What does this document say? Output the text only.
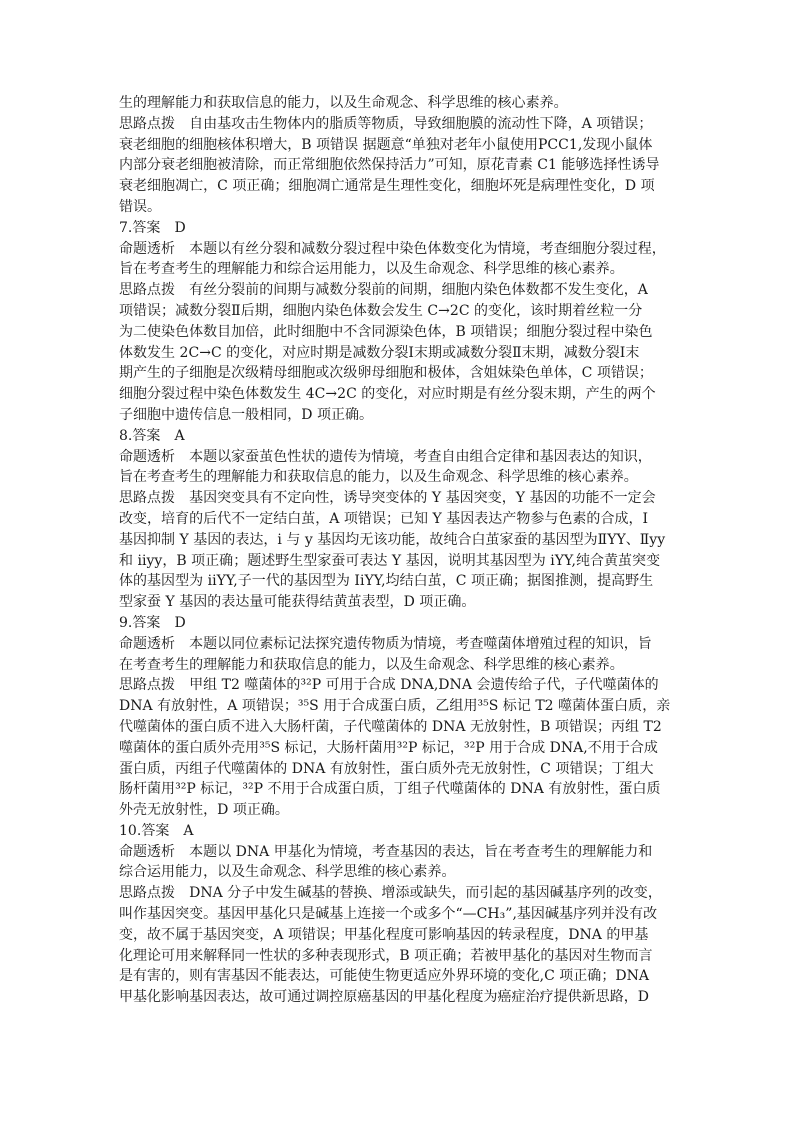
生的理解能力和获取信息的能力，以及生命观念、科学思维的核心素养。
思路点拨　自由基攻击生物体内的脂质等物质，导致细胞膜的流动性下降，A 项错误；
衰老细胞的细胞核体积增大，B 项错误 据题意“单独对老年小鼠使用PCC1,发现小鼠体
内部分衰老细胞被清除，而正常细胞依然保持活力”可知，原花青素 C1 能够选择性诱导
衰老细胞凋亡，C 项正确；细胞凋亡通常是生理性变化，细胞坏死是病理性变化，D 项
错误。
7.答案　D
命题透析　本题以有丝分裂和减数分裂过程中染色体数变化为情境，考查细胞分裂过程，
旨在考查考生的理解能力和综合运用能力，以及生命观念、科学思维的核心素养。
思路点拨　有丝分裂前的间期与减数分裂前的间期，细胞内染色体数都不发生变化，A
项错误；减数分裂Ⅱ后期，细胞内染色体数会发生 C→2C 的变化，该时期着丝粒一分
为二使染色体数目加倍，此时细胞中不含同源染色体，B 项错误；细胞分裂过程中染色
体数发生 2C→C 的变化，对应时期是减数分裂Ⅰ末期或减数分裂Ⅱ末期，减数分裂Ⅰ末
期产生的子细胞是次级精母细胞或次级卵母细胞和极体，含姐妹染色单体，C 项错误；
细胞分裂过程中染色体数发生 4C→2C 的变化，对应时期是有丝分裂末期，产生的两个
子细胞中遗传信息一般相同，D 项正确。
8.答案　A
命题透析　本题以家蚕茧色性状的遗传为情境，考查自由组合定律和基因表达的知识，
旨在考查考生的理解能力和获取信息的能力，以及生命观念、科学思维的核心素养。
思路点拨　基因突变具有不定向性，诱导突变体的 Y 基因突变，Y 基因的功能不一定会
改变，培育的后代不一定结白茧，A 项错误；已知 Y 基因表达产物参与色素的合成，I
基因抑制 Y 基因的表达，i 与 y 基因均无该功能，故纯合白茧家蚕的基因型为ⅡYY、Ⅱyy
和 iiyy，B 项正确；题述野生型家蚕可表达 Y 基因，说明其基因型为 iYY,纯合黄茧突变
体的基因型为 iiYY,子一代的基因型为 IiYY,均结白茧，C 项正确；据图推测，提高野生
型家蚕 Y 基因的表达量可能获得结黄茧表型，D 项正确。
9.答案　D
命题透析　本题以同位素标记法探究遗传物质为情境，考查噬菌体增殖过程的知识，旨
在考查考生的理解能力和获取信息的能力，以及生命观念、科学思维的核心素养。
思路点拨　甲组 T2 噬菌体的³²P 可用于合成 DNA,DNA 会遗传给子代，子代噬菌体的
DNA 有放射性，A 项错误；³⁵S 用于合成蛋白质，乙组用³⁵S 标记 T2 噬菌体蛋白质，亲
代噬菌体的蛋白质不进入大肠杆菌，子代噬菌体的 DNA 无放射性，B 项错误；丙组 T2
噬菌体的蛋白质外壳用³⁵S 标记，大肠杆菌用³²P 标记，³²P 用于合成 DNA,不用于合成
蛋白质，丙组子代噬菌体的 DNA 有放射性，蛋白质外壳无放射性，C 项错误；丁组大
肠杆菌用³²P 标记，³²P 不用于合成蛋白质，丁组子代噬菌体的 DNA 有放射性，蛋白质
外壳无放射性，D 项正确。
10.答案　A
命题透析　本题以 DNA 甲基化为情境，考查基因的表达，旨在考查考生的理解能力和
综合运用能力，以及生命观念、科学思维的核心素养。
思路点拨　DNA 分子中发生碱基的替换、增添或缺失，而引起的基因碱基序列的改变，
叫作基因突变。基因甲基化只是碱基上连接一个或多个“—CH₃”,基因碱基序列并没有改
变，故不属于基因突变，A 项错误；甲基化程度可影响基因的转录程度，DNA 的甲基
化理论可用来解释同一性状的多种表现形式，B 项正确；若被甲基化的基因对生物而言
是有害的，则有害基因不能表达，可能使生物更适应外界环境的变化,C 项正确；DNA
甲基化影响基因表达，故可通过调控原癌基因的甲基化程度为癌症治疗提供新思路，D
